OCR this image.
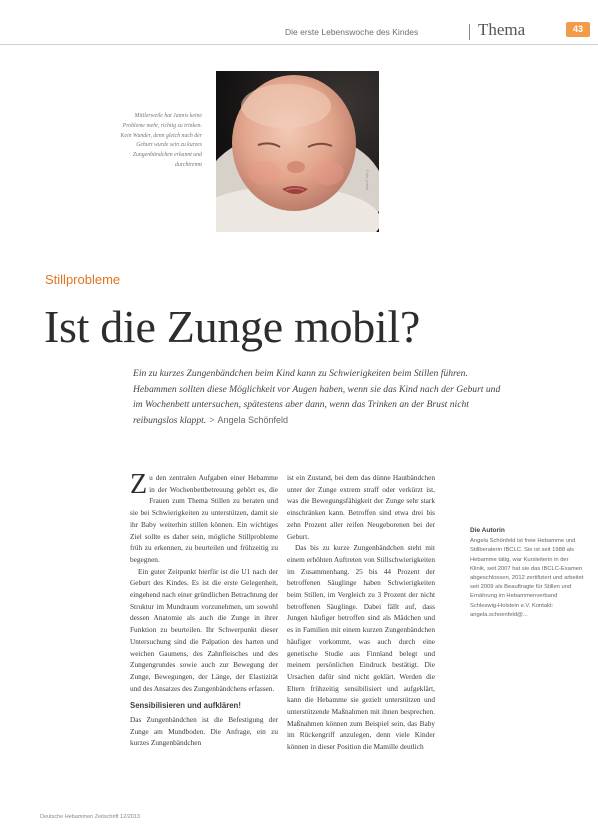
Die erste Lebenswoche des Kindes	Thema	43
Mittlerweile hat Jannis keine Probleme mehr, richtig zu trinken. Kein Wunder, denn gleich nach der Geburt wurde sein zu kurzes Zungenbändchen erkannt und durchtrennt
Foto: privat
Stillprobleme
Ist die Zunge mobil?
Ein zu kurzes Zungenbändchen beim Kind kann zu Schwierigkeiten beim Stillen führen. Hebammen sollten diese Möglichkeit vor Augen haben, wenn sie das Kind nach der Geburt und im Wochenbett untersuchen, spätestens aber dann, wenn das Trinken an der Brust nicht reibungslos klappt. > Angela Schönfeld

Zu den zentralen Aufgaben einer Hebamme in der Wochenbettbetreuung gehört es, die Frauen zum Thema Stillen zu beraten und sie bei Schwierigkeiten zu unterstützen, damit sie ihr Baby weiterhin stillen können. Ein wichtiges Ziel sollte es daher sein, mögliche Stillprobleme früh zu erkennen, zu beurteilen und frühzeitig zu begegnen.

Ein guter Zeitpunkt hierfür ist die U1 nach der Geburt des Kindes. Es ist die erste Gelegenheit, eingehend nach einer gründlichen Betrachtung der Struktur im Mundraum vorzunehmen, um sowohl dessen Anatomie als auch die Zunge in ihrer Funktion zu beurteilen. Ihr Schwerpunkt dieser Untersuchung sind die Palpation des harten und weichen Gaumens, des Zahnfleisches und des Zungengrundes sowie auch zur Bewegung der Zunge, Bewegungen, der Länge, der Elastizität und des Ansatzes des Zungenbändchens erfassen.

Sensibilisieren und aufklären!

Das Zungenbändchen ist die Befestigung der Zunge am Mundboden. Die Anfrage, ein zu kurzes Zungenbändchen

ist ein Zustand, bei dem das dünne Hautbändchen unter der Zunge extrem straff oder verkürzt ist, was die Bewegungsfähigkeit der Zunge sehr stark einschränken kann. Betroffen sind etwa drei bis zehn Prozent aller reifen Neugeborenen bei der Geburt.

Das bis zu kurze Zungenbändchen steht mit einem erhöhten Auftreten von Stillschwierigkeiten im Zusammenhang. 25 bis 44 Prozent der betroffenen Säuglinge haben Schwierigkeiten beim Stillen, im Vergleich zu 3 Prozent der nicht betroffenen Säuglinge. Dabei fällt auf, dass Jungen häufiger betroffen sind als Mädchen und es in Familien mit einem kurzen Zungenbändchen häufiger vorkommt, was auch durch eine genetische Studie aus Finnland belegt und meinem persönlichen Eindruck bestätigt. Die Ursachen dafür sind nicht geklärt. Werden die Eltern frühzeitig sensibilisiert und aufgeklärt, kann die Hebamme sie gezielt unterstützen und unterstützende Maßnahmen mit ihnen besprechen. Maßnahmen können zum Beispiel sein, das Baby im Rückengriff anzulegen, denn viele Kinder können in dieser Position die Mamille deutlich

Die Autorin

Angela Schönfeld ist freie Hebamme und Stillberaterin IBCLC. Sie ist seit 1988 als Hebamme tätig, war Kursleiterin in der Klinik, seit 2007 hat sie das IBCLC-Examen abgeschlossen, 2012 zertifiziert und arbeitet seit 2009 als Beauftragte für Stillen und Ernährung im Hebammenverband Schleswig-Holstein e.V. Kontakt: angela.schoenfeld@...

Deutsche Hebammen Zeitschrift 12/2013
